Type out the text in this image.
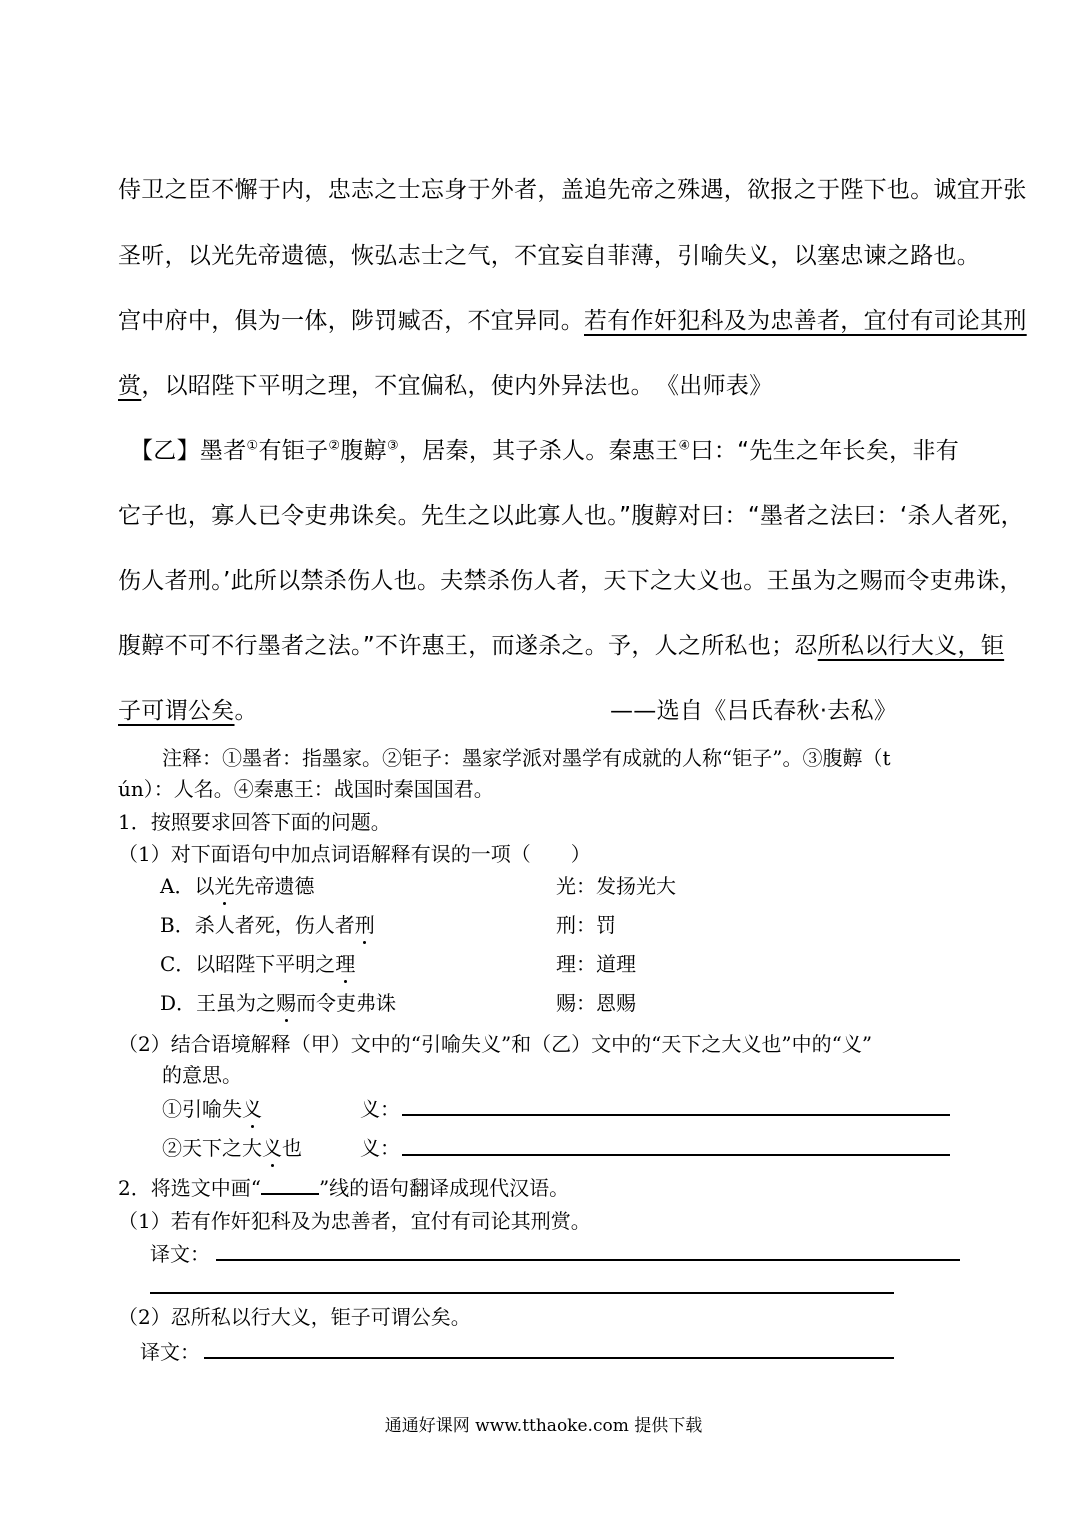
侍卫之臣不懈于内，忠志之士忘身于外者，盖追先帝之殊遇，欲报之于陛下也。诚宜开张
圣听，以光先帝遗德，恢弘志士之气，不宜妄自菲薄，引喻失义，以塞忠谏之路也。
宫中府中，俱为一体，陟罚臧否，不宜异同。若有作奸犯科及为忠善者，宜付有司论其刑
赏，以昭陛下平明之理，不宜偏私，使内外异法也。 《出师表》
【乙】墨者①有钜子②腹䵍③，居秦，其子杀人。秦惠王④曰：“先生之年长矣，非有
它子也，寡人已令吏弗诛矣。先生之以此寡人也。”腹䵍对曰：“墨者之法曰：‘杀人者死，
伤人者刑。’此所以禁杀伤人也。夫禁杀伤人者，天下之大义也。王虽为之赐而令吏弗诛，
腹䵍不可不行墨者之法。”不许惠王，而遂杀之。予，人之所私也；忍所私以行大义，钜
子可谓公矣。	——选自《吕氏春秋·去私》
注释：①墨者：指墨家。②钜子：墨家学派对墨学有成就的人称“钜子”。③腹䵍（t
ún）：人名。④秦惠王：战国时秦国国君。
1．按照要求回答下面的问题。
（1）对下面语句中加点词语解释有误的一项（　　）
A．以光先帝遗德	光：发扬光大
B．杀人者死，伤人者刑	刑：罚
C．以昭陛下平明之理	理：道理
D．王虽为之赐而令吏弗诛	赐：恩赐
（2）结合语境解释（甲）文中的“引喻失义”和（乙）文中的“天下之大义也”中的“义”
的意思。
①引喻失义	义：
②天下之大义也	义：
2．将选文中画“	”线的语句翻译成现代汉语。
（1）若有作奸犯科及为忠善者，宜付有司论其刑赏。
译文：
（2）忍所私以行大义，钜子可谓公矣。
译文：
通通好课网 www.tthaoke.com 提供下载
